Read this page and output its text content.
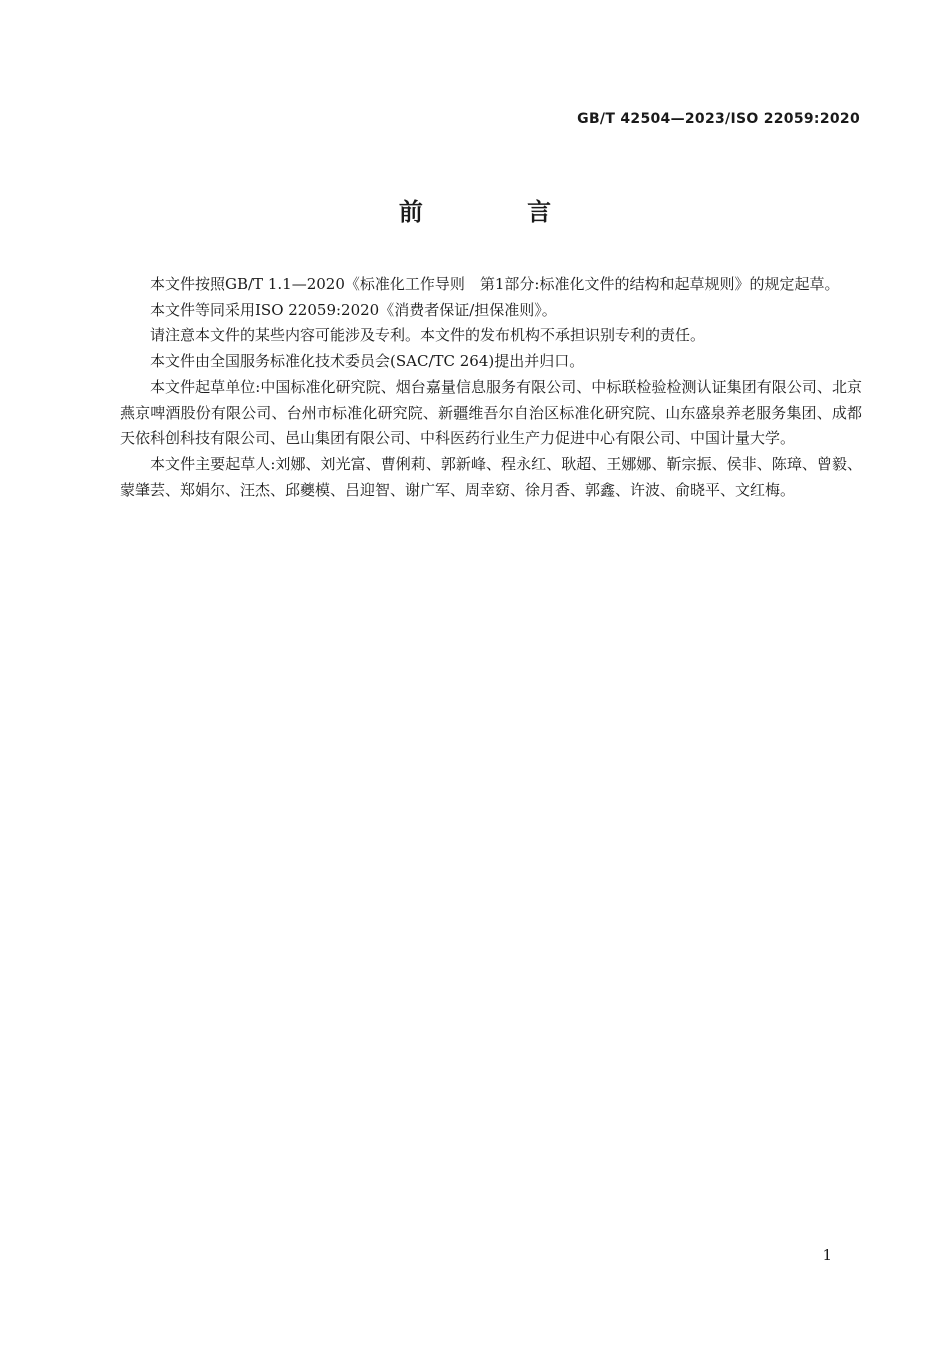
GB/T 42504—2023/ISO 22059:2020
前 言

本文件按照GB/T 1.1—2020《标准化工作导则　第1部分:标准化文件的结构和起草规则》的规定起草。

本文件等同采用ISO 22059:2020《消费者保证/担保准则》。

请注意本文件的某些内容可能涉及专利。本文件的发布机构不承担识别专利的责任。

本文件由全国服务标准化技术委员会(SAC/TC 264)提出并归口。

本文件起草单位:中国标准化研究院、烟台嘉量信息服务有限公司、中标联检验检测认证集团有限公司、北京燕京啤酒股份有限公司、台州市标准化研究院、新疆维吾尔自治区标准化研究院、山东盛泉养老服务集团、成都天依科创科技有限公司、邑山集团有限公司、中科医药行业生产力促进中心有限公司、中国计量大学。

本文件主要起草人:刘娜、刘光富、曹俐莉、郭新峰、程永红、耿超、王娜娜、靳宗振、侯非、陈璋、曾毅、蒙肇芸、郑娟尔、汪杰、邱夔模、吕迎智、谢广军、周幸窈、徐月香、郭鑫、许波、俞晓平、文红梅。

1
